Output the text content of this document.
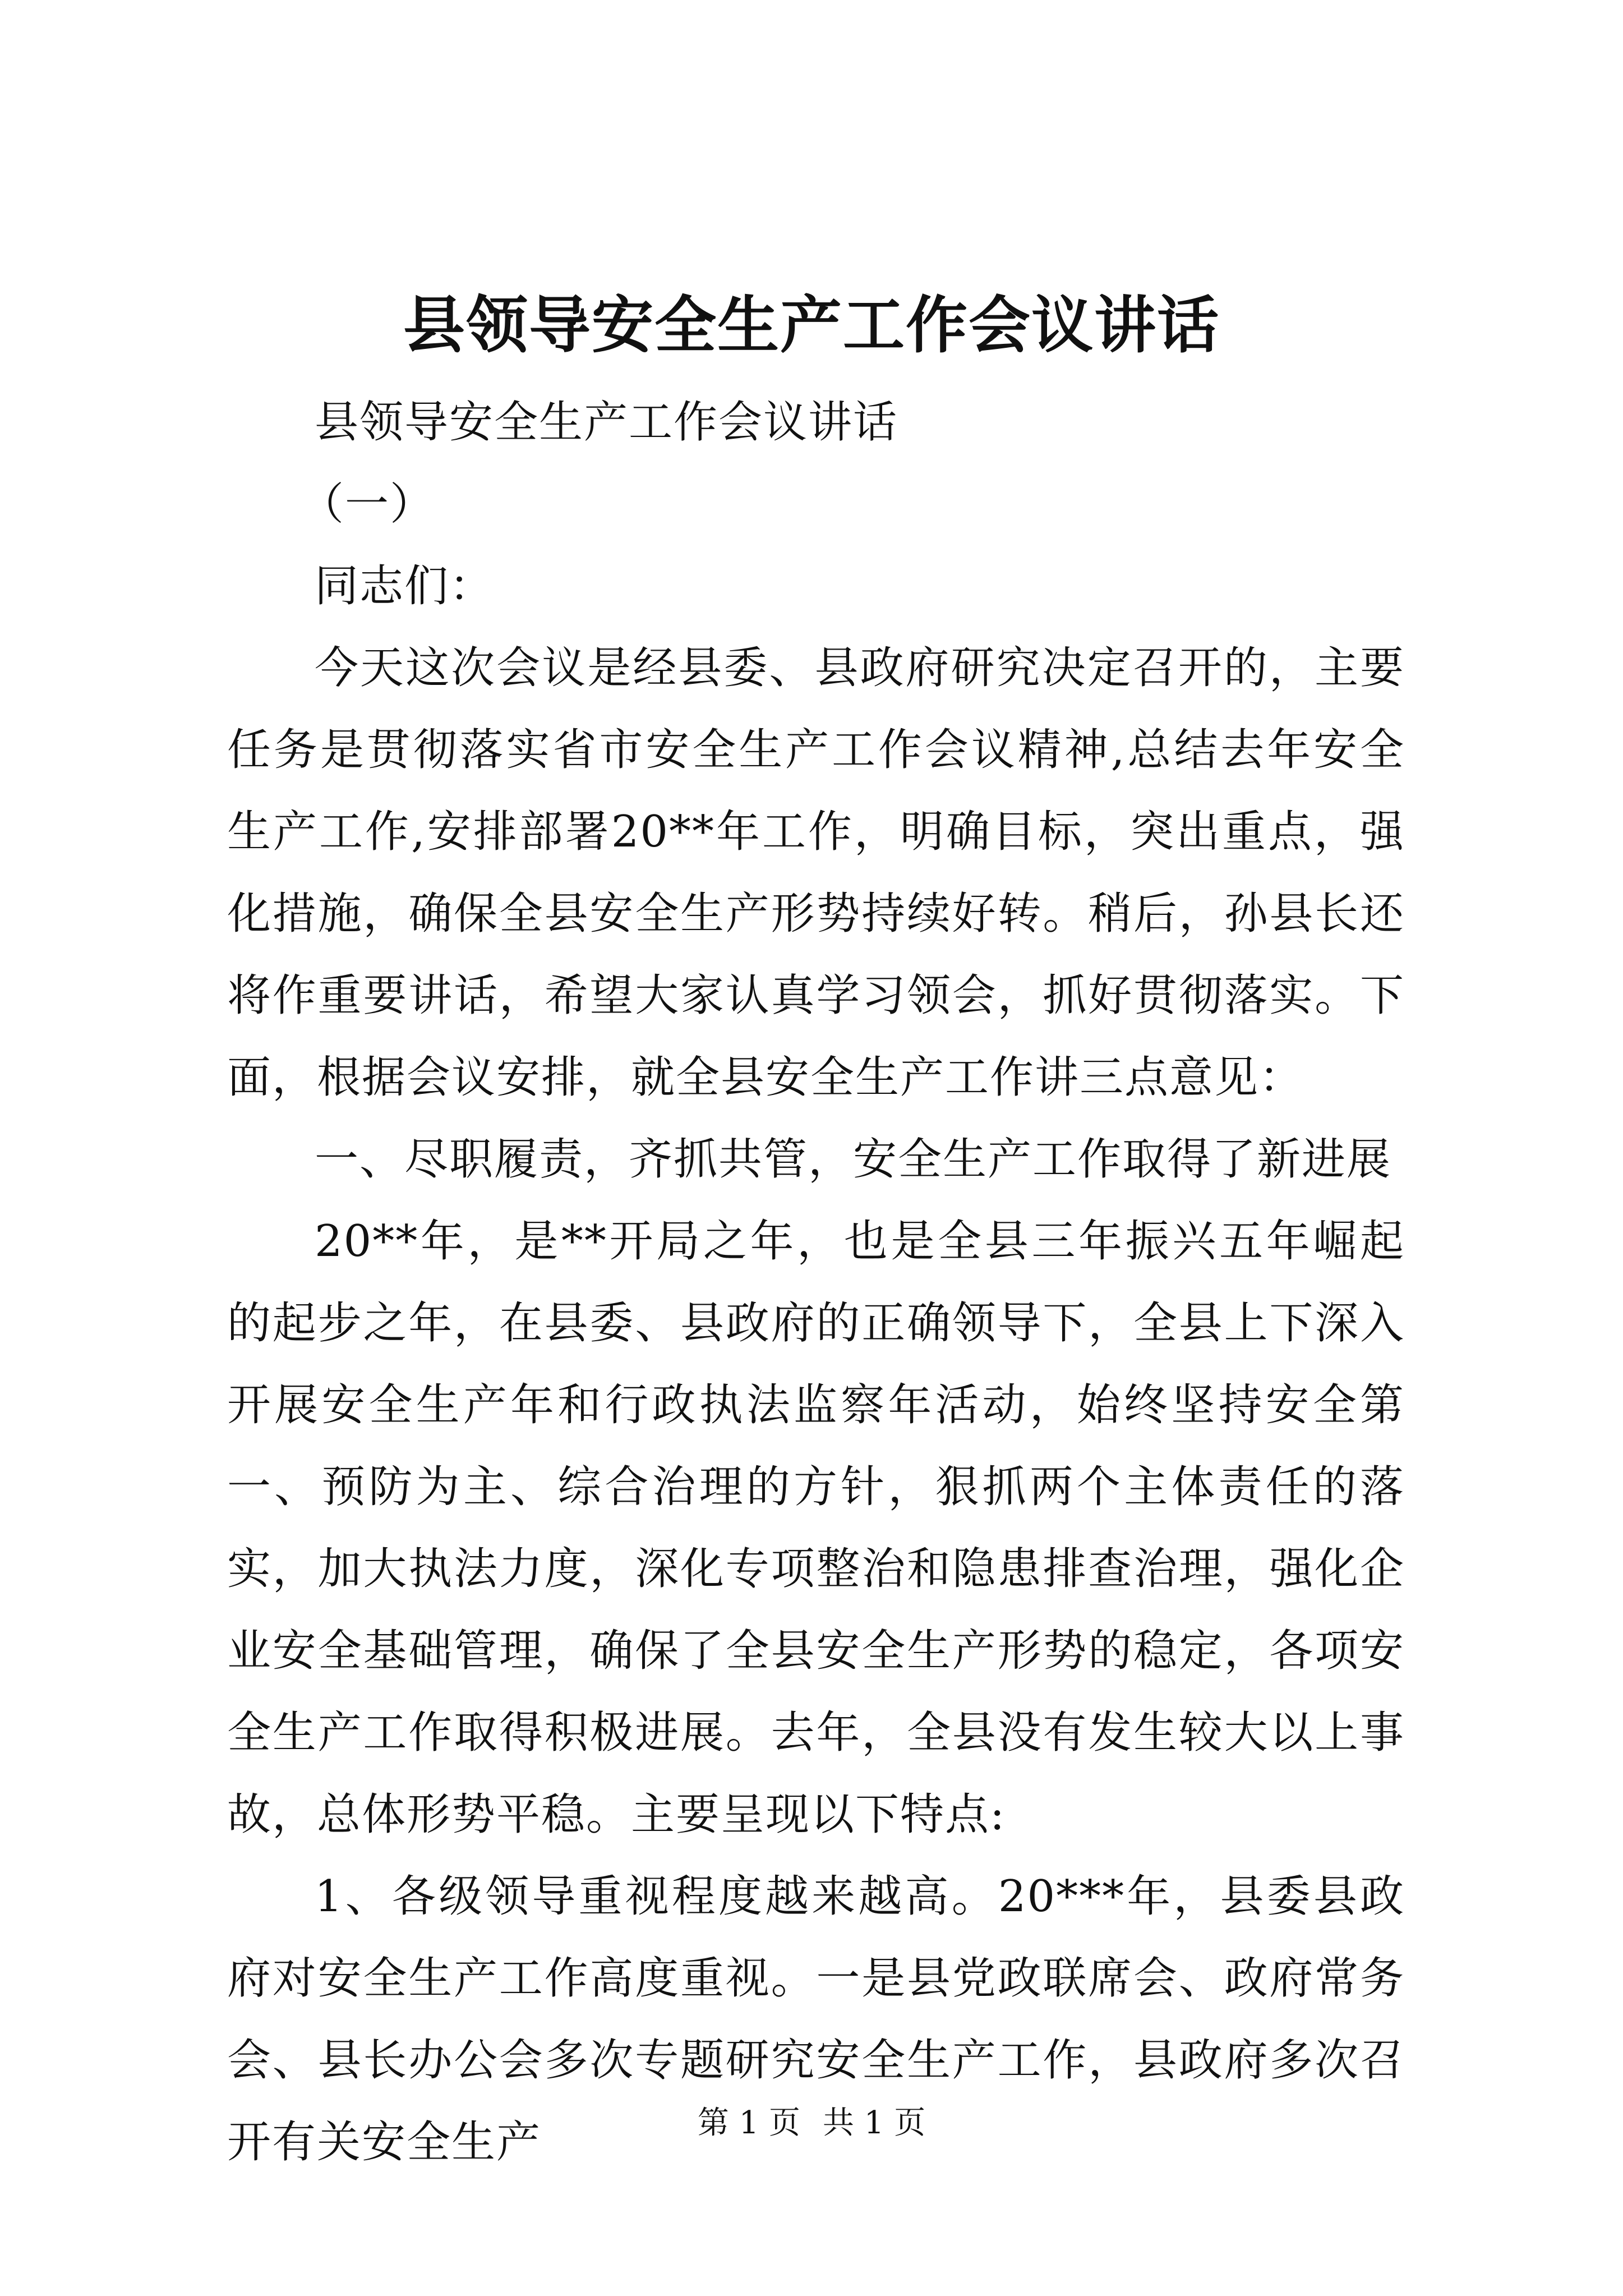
县领导安全生产工作会议讲话

县领导安全生产工作会议讲话

（一）

同志们：

今天这次会议是经县委、县政府研究决定召开的，主要任务是贯彻落实省市安全生产工作会议精神,总结去年安全生产工作,安排部署20**年工作，明确目标，突出重点，强化措施，确保全县安全生产形势持续好转。稍后，孙县长还将作重要讲话，希望大家认真学习领会，抓好贯彻落实。下面，根据会议安排，就全县安全生产工作讲三点意见：

一、尽职履责，齐抓共管，安全生产工作取得了新进展

20**年，是**开局之年，也是全县三年振兴五年崛起的起步之年，在县委、县政府的正确领导下，全县上下深入开展安全生产年和行政执法监察年活动，始终坚持安全第一、预防为主、综合治理的方针，狠抓两个主体责任的落实，加大执法力度，深化专项整治和隐患排查治理，强化企业安全基础管理，确保了全县安全生产形势的稳定，各项安全生产工作取得积极进展。去年，全县没有发生较大以上事故，总体形势平稳。主要呈现以下特点:

1、各级领导重视程度越来越高。20***年，县委县政府对安全生产工作高度重视。一是县党政联席会、政府常务会、县长办公会多次专题研究安全生产工作，县政府多次召开有关安全生产	第 1 页 共 1 页
